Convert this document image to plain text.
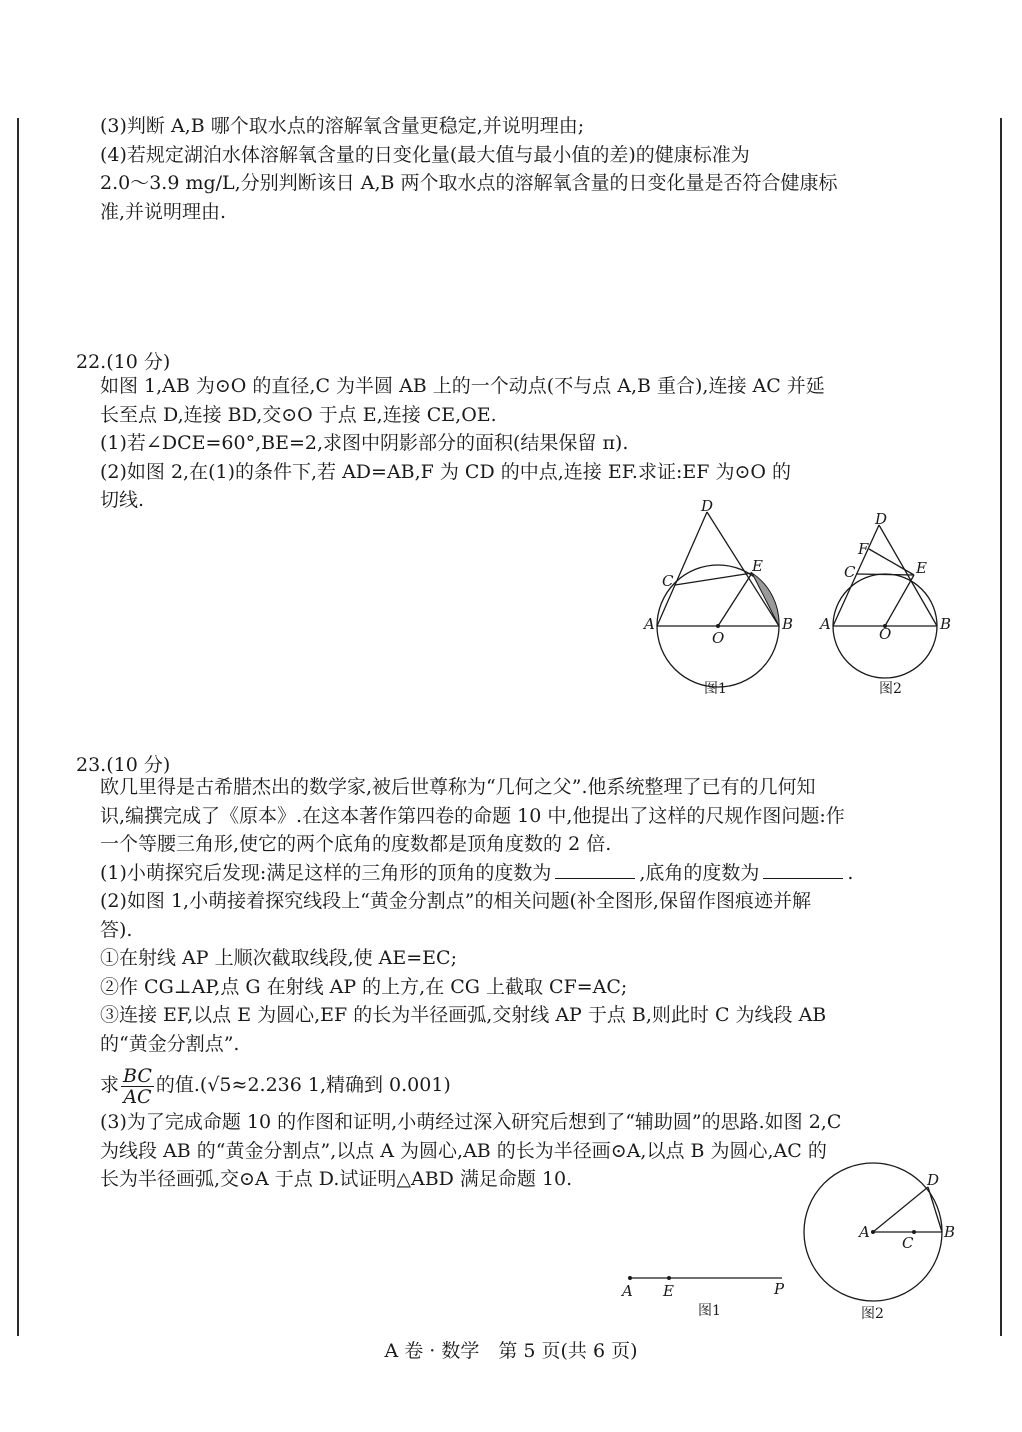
(3)判断 A,B 哪个取水点的溶解氧含量更稳定,并说明理由;

(4)若规定湖泊水体溶解氧含量的日变化量(最大值与最小值的差)的健康标准为

2.0～3.9 mg/L,分别判断该日 A,B 两个取水点的溶解氧含量的日变化量是否符合健康标

准,并说明理由.

22.(10 分)

如图 1,AB 为⊙O 的直径,C 为半圆 AB 上的一个动点(不与点 A,B 重合),连接 AC 并延

长至点 D,连接 BD,交⊙O 于点 E,连接 CE,OE.

(1)若∠DCE=60°,BE=2,求图中阴影部分的面积(结果保留 π).

(2)如图 2,在(1)的条件下,若 AD=AB,F 为 CD 的中点,连接 EF.求证:EF 为⊙O 的

切线.	D
C
E
A
O
B
图1
D
F
C	E
A
O
B
图2
23.(10 分)

欧几里得是古希腊杰出的数学家,被后世尊称为“几何之父”.他系统整理了已有的几何知

识,编撰完成了《原本》.在这本著作第四卷的命题 10 中,他提出了这样的尺规作图问题:作

一个等腰三角形,使它的两个底角的度数都是顶角度数的 2 倍.

(1)小萌探究后发现:满足这样的三角形的顶角的度数为	,底角的度数为	.

(2)如图 1,小萌接着探究线段上“黄金分割点”的相关问题(补全图形,保留作图痕迹并解

答).

①在射线 AP 上顺次截取线段,使 AE=EC;

②作 CG⊥AP,点 G 在射线 AP 的上方,在 CG 上截取 CF=AC;

③连接 EF,以点 E 为圆心,EF 的长为半径画弧,交射线 AP 于点 B,则此时 C 为线段 AB

的“黄金分割点”.

求 $\frac{BC}{AC}$ 的值.(√5≈2.236 1,精确到 0.001)

(3)为了完成命题 10 的作图和证明,小萌经过深入研究后想到了“辅助圆”的思路.如图 2,C

为线段 AB 的“黄金分割点”,以点 A 为圆心,AB 的长为半径画⊙A,以点 B 为圆心,AC 的

长为半径画弧,交⊙A 于点 D.试证明△ABD 满足命题 10.

A E	P
图1
D
A
C
B
图2
A 卷 · 数学　第 5 页(共 6 页)
